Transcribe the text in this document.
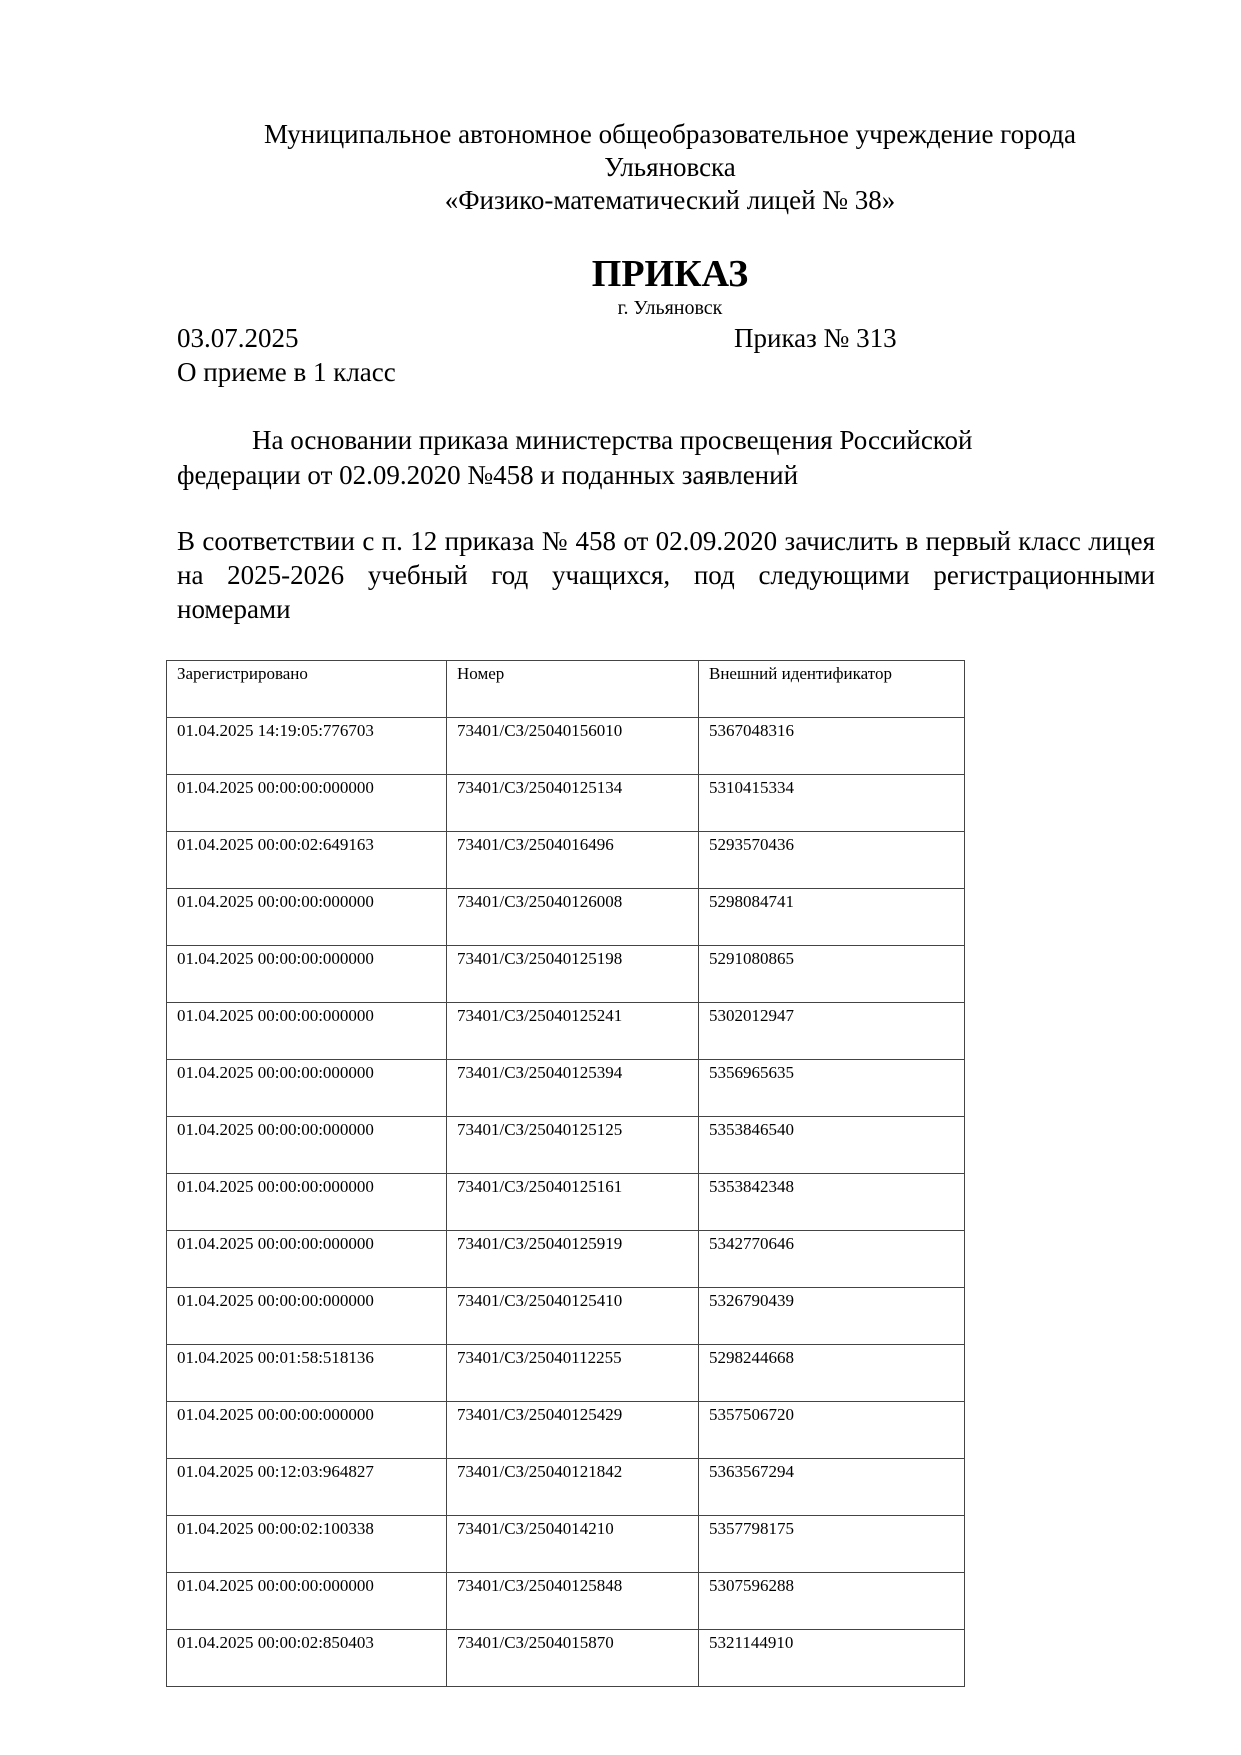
Муниципальное автономное общеобразовательное учреждение города
Ульяновска
«Физико-математический лицей № 38»
ПРИКАЗ
г. Ульяновск
03.07.2025	Приказ № 313
О приеме в 1 класс
На основании приказа министерства просвещения Российской федерации от 02.09.2020 №458 и поданных заявлений
В соответствии с п. 12 приказа № 458 от 02.09.2020 зачислить в первый класс лицея на 2025-2026 учебный год учащихся, под следующими регистрационными номерами
Зарегистрировано	Номер	Внешний идентификатор
01.04.2025 14:19:05:776703	73401/СЗ/25040156010	5367048316
01.04.2025 00:00:00:000000	73401/СЗ/25040125134	5310415334
01.04.2025 00:00:02:649163	73401/СЗ/2504016496	5293570436
01.04.2025 00:00:00:000000	73401/СЗ/25040126008	5298084741
01.04.2025 00:00:00:000000	73401/СЗ/25040125198	5291080865
01.04.2025 00:00:00:000000	73401/СЗ/25040125241	5302012947
01.04.2025 00:00:00:000000	73401/СЗ/25040125394	5356965635
01.04.2025 00:00:00:000000	73401/СЗ/25040125125	5353846540
01.04.2025 00:00:00:000000	73401/СЗ/25040125161	5353842348
01.04.2025 00:00:00:000000	73401/СЗ/25040125919	5342770646
01.04.2025 00:00:00:000000	73401/СЗ/25040125410	5326790439
01.04.2025 00:01:58:518136	73401/СЗ/25040112255	5298244668
01.04.2025 00:00:00:000000	73401/СЗ/25040125429	5357506720
01.04.2025 00:12:03:964827	73401/СЗ/25040121842	5363567294
01.04.2025 00:00:02:100338	73401/СЗ/2504014210	5357798175
01.04.2025 00:00:00:000000	73401/СЗ/25040125848	5307596288
01.04.2025 00:00:02:850403	73401/СЗ/2504015870	5321144910
